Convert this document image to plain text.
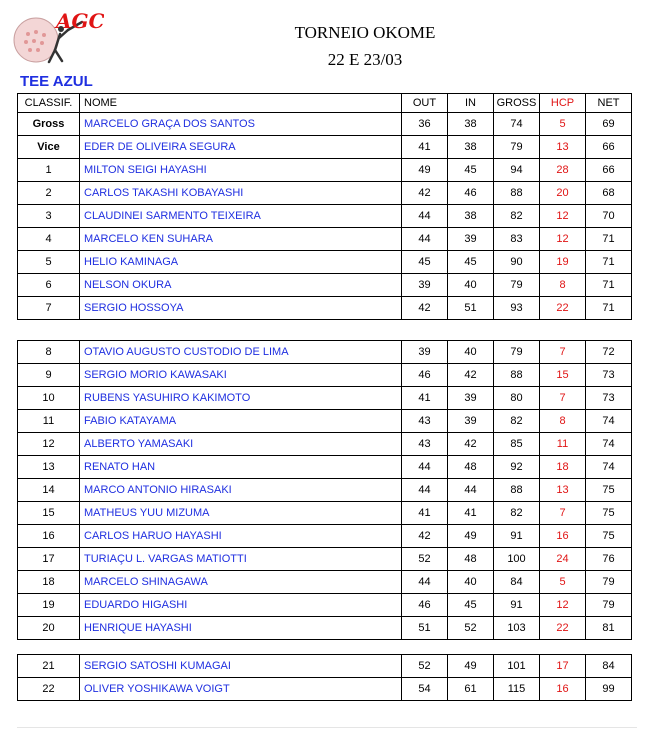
AGC	TORNEIO OKOME
22 E 23/03
TEE AZUL
CLASSIF.	NOME	OUT	IN	GROSS	HCP	NET
Gross	MARCELO GRAÇA DOS SANTOS	36	38	74	5	69
Vice	EDER DE OLIVEIRA SEGURA	41	38	79	13	66
1	MILTON SEIGI HAYASHI	49	45	94	28	66
2	CARLOS TAKASHI KOBAYASHI	42	46	88	20	68
3	CLAUDINEI SARMENTO TEIXEIRA	44	38	82	12	70
4	MARCELO KEN SUHARA	44	39	83	12	71
5	HELIO KAMINAGA	45	45	90	19	71
6	NELSON OKURA	39	40	79	8	71
7	SERGIO HOSSOYA	42	51	93	22	71
8	OTAVIO AUGUSTO CUSTODIO DE LIMA	39	40	79	7	72
9	SERGIO MORIO KAWASAKI	46	42	88	15	73
10	RUBENS YASUHIRO KAKIMOTO	41	39	80	7	73
11	FABIO KATAYAMA	43	39	82	8	74
12	ALBERTO YAMASAKI	43	42	85	11	74
13	RENATO HAN	44	48	92	18	74
14	MARCO ANTONIO HIRASAKI	44	44	88	13	75
15	MATHEUS YUU MIZUMA	41	41	82	7	75
16	CARLOS HARUO HAYASHI	42	49	91	16	75
17	TURIAÇU L. VARGAS MATIOTTI	52	48	100	24	76
18	MARCELO SHINAGAWA	44	40	84	5	79
19	EDUARDO HIGASHI	46	45	91	12	79
20	HENRIQUE HAYASHI	51	52	103	22	81
21	SERGIO SATOSHI KUMAGAI	52	49	101	17	84
22	OLIVER YOSHIKAWA VOIGT	54	61	115	16	99
